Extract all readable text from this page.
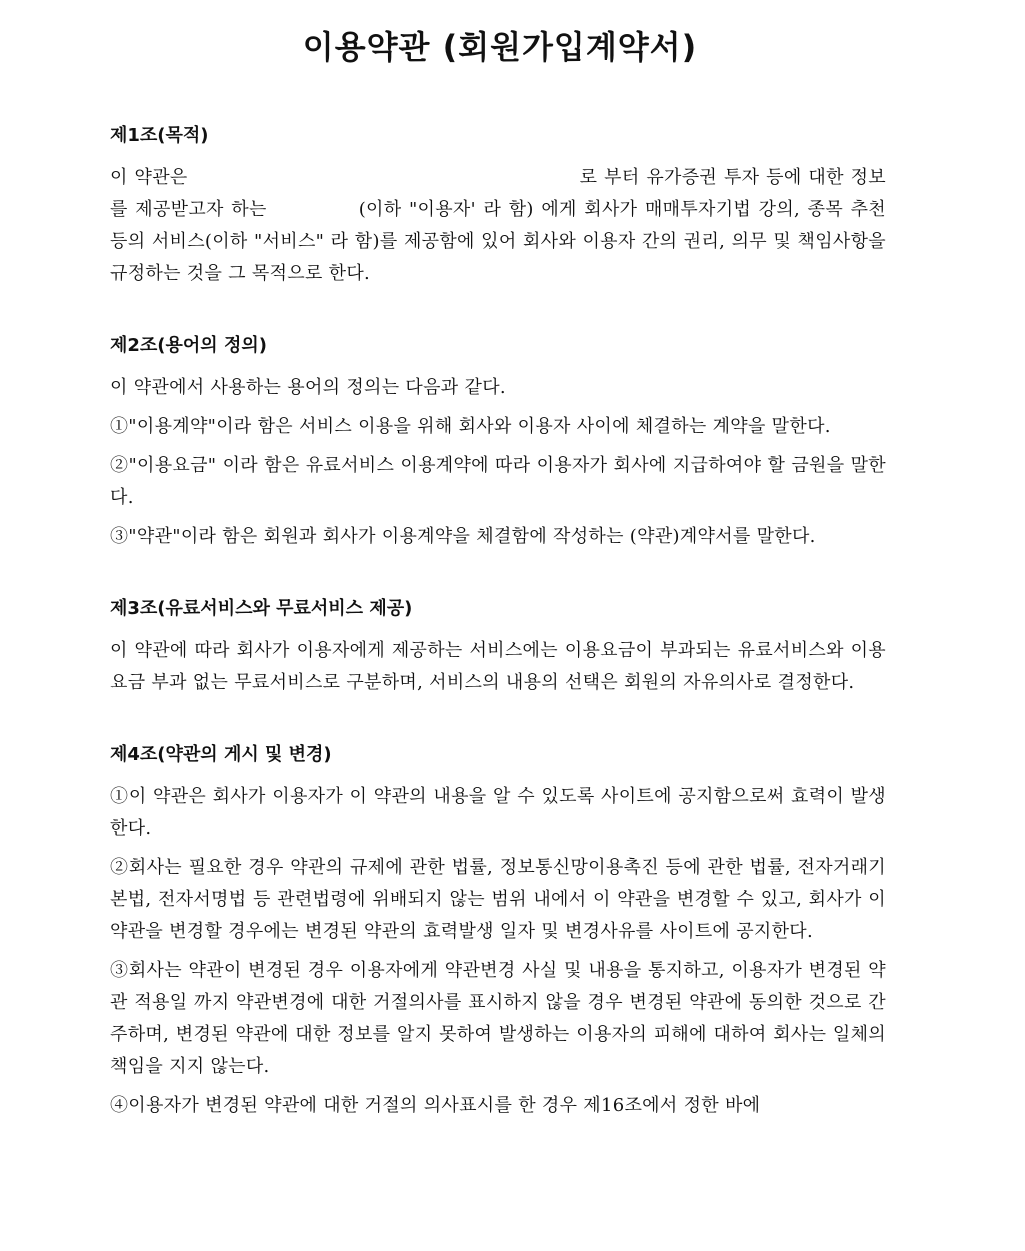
이용약관 (회원가입계약서)
제1조(목적)

이 약관은	로 부터 유가증권 투자 등에 대한 정보를 제공받고자 하는	(이하 "이용자' 라 함) 에게 회사가 매매투자기법 강의, 종목 추천 등의 서비스(이하 "서비스" 라 함)를 제공함에 있어 회사와 이용자 간의 권리, 의무 및 책임사항을 규정하는 것을 그 목적으로 한다.

제2조(용어의 정의)

이 약관에서 사용하는 용어의 정의는 다음과 같다.

①"이용계약"이라 함은 서비스 이용을 위해 회사와 이용자 사이에 체결하는 계약을 말한다.

②"이용요금" 이라 함은 유료서비스 이용계약에 따라 이용자가 회사에 지급하여야 할 금원을 말한다.

③"약관"이라 함은 회원과 회사가 이용계약을 체결함에 작성하는 (약관)계약서를 말한다.

제3조(유료서비스와 무료서비스 제공)

이 약관에 따라 회사가 이용자에게 제공하는 서비스에는 이용요금이 부과되는 유료서비스와 이용요금 부과 없는 무료서비스로 구분하며, 서비스의 내용의 선택은 회원의 자유의사로 결정한다.

제4조(약관의 게시 및 변경)

①이 약관은 회사가 이용자가 이 약관의 내용을 알 수 있도록 사이트에 공지함으로써 효력이 발생한다.

②회사는 필요한 경우 약관의 규제에 관한 법률, 정보통신망이용촉진 등에 관한 법률, 전자거래기본법, 전자서명법 등 관련법령에 위배되지 않는 범위 내에서 이 약관을 변경할 수 있고, 회사가 이 약관을 변경할 경우에는 변경된 약관의 효력발생 일자 및 변경사유를 사이트에 공지한다.

③회사는 약관이 변경된 경우 이용자에게 약관변경 사실 및 내용을 통지하고, 이용자가 변경된 약관 적용일 까지 약관변경에 대한 거절의사를 표시하지 않을 경우 변경된 약관에 동의한 것으로 간주하며, 변경된 약관에 대한 정보를 알지 못하여 발생하는 이용자의 피해에 대하여 회사는 일체의 책임을 지지 않는다.

④이용자가 변경된 약관에 대한 거절의 의사표시를 한 경우 제16조에서 정한 바에
